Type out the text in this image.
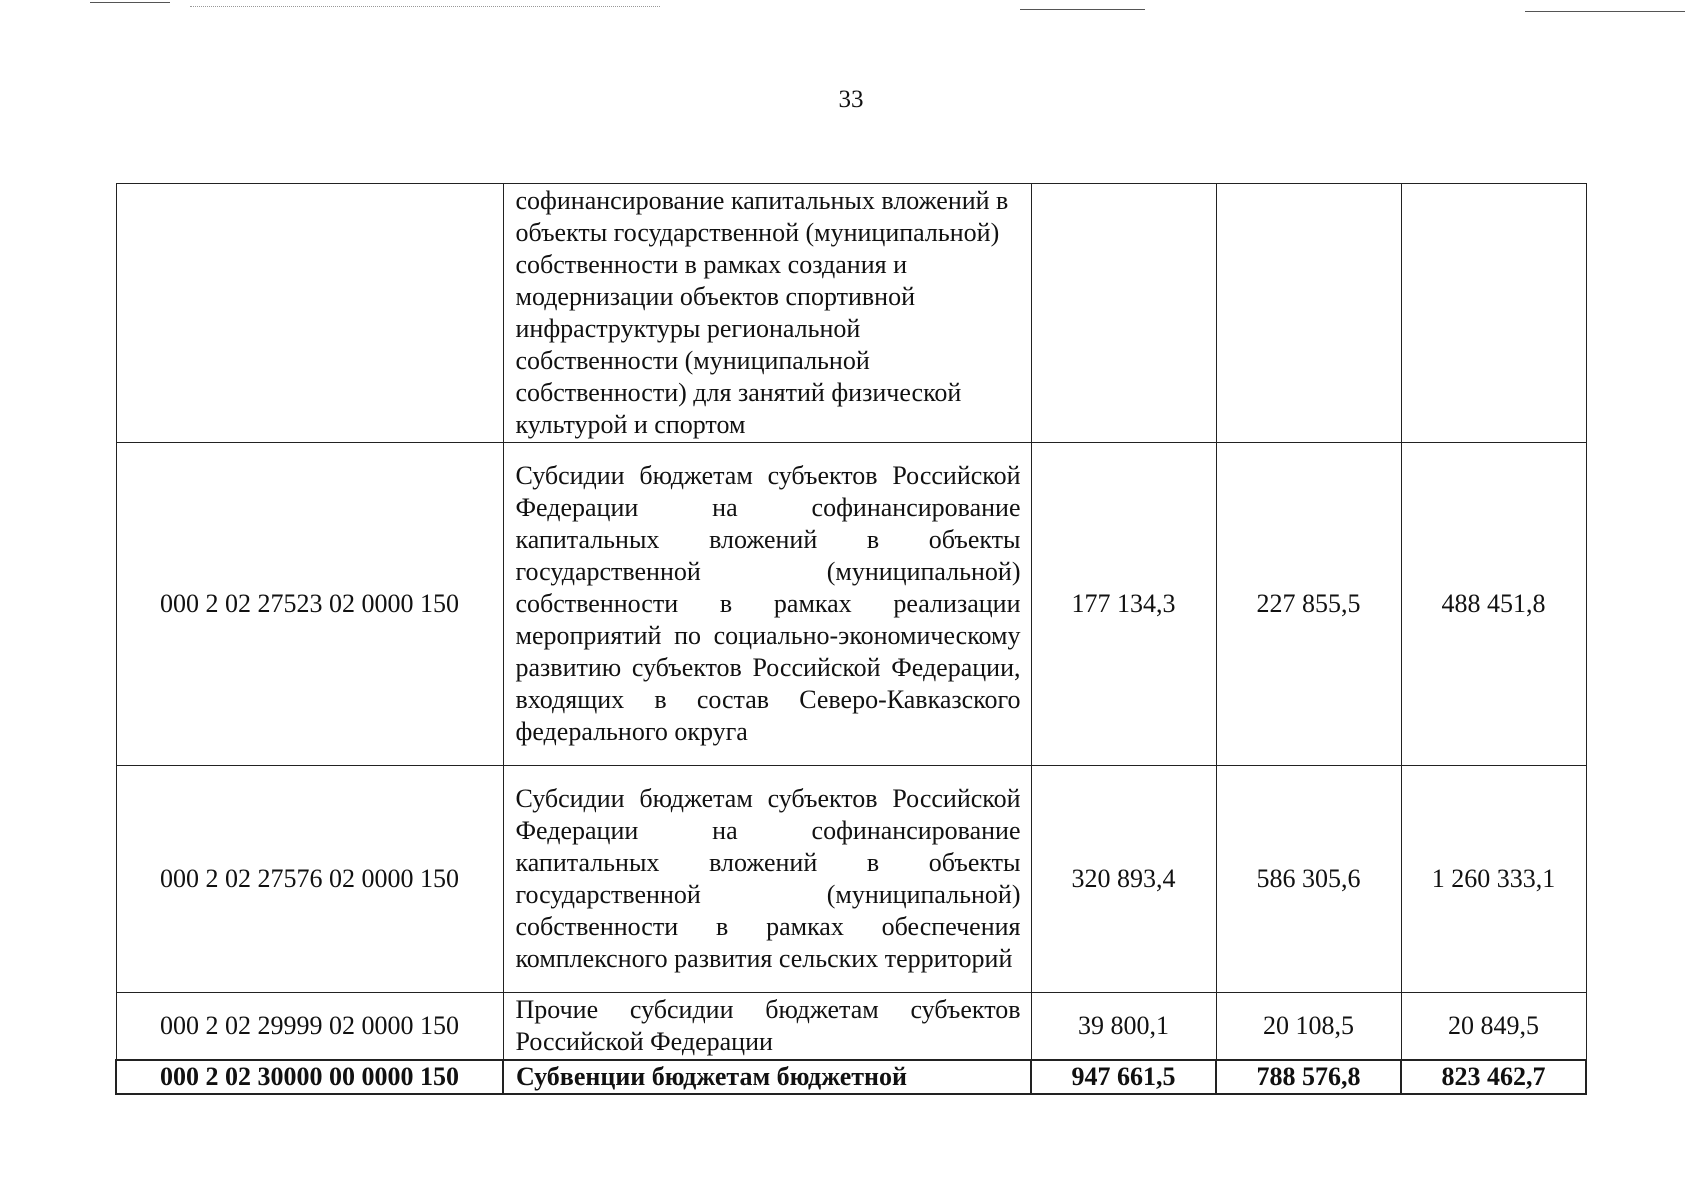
33
	софинансирование капитальных вложений в объекты государственной (муниципальной) собственности в рамках создания и модернизации объектов спортивной инфраструктуры региональной собственности (муниципальной собственности) для занятий физической культурой и спортом			
000 2 02 27523 02 0000 150	Субсидии бюджетам субъектов Российской Федерации на софинансирование капитальных вложений в объекты государственной (муниципальной) собственности в рамках реализации мероприятий по социально-экономическому развитию субъектов Российской Федерации, входящих в состав Северо-Кавказского федерального округа	177 134,3	227 855,5	488 451,8
000 2 02 27576 02 0000 150	Субсидии бюджетам субъектов Российской Федерации на софинансирование капитальных вложений в объекты государственной (муниципальной) собственности в рамках обеспечения комплексного развития сельских территорий	320 893,4	586 305,6	1 260 333,1
000 2 02 29999 02 0000 150	Прочие субсидии бюджетам субъектов Российской Федерации	39 800,1	20 108,5	20 849,5
000 2 02 30000 00 0000 150	Субвенции бюджетам бюджетной	947 661,5	788 576,8	823 462,7
